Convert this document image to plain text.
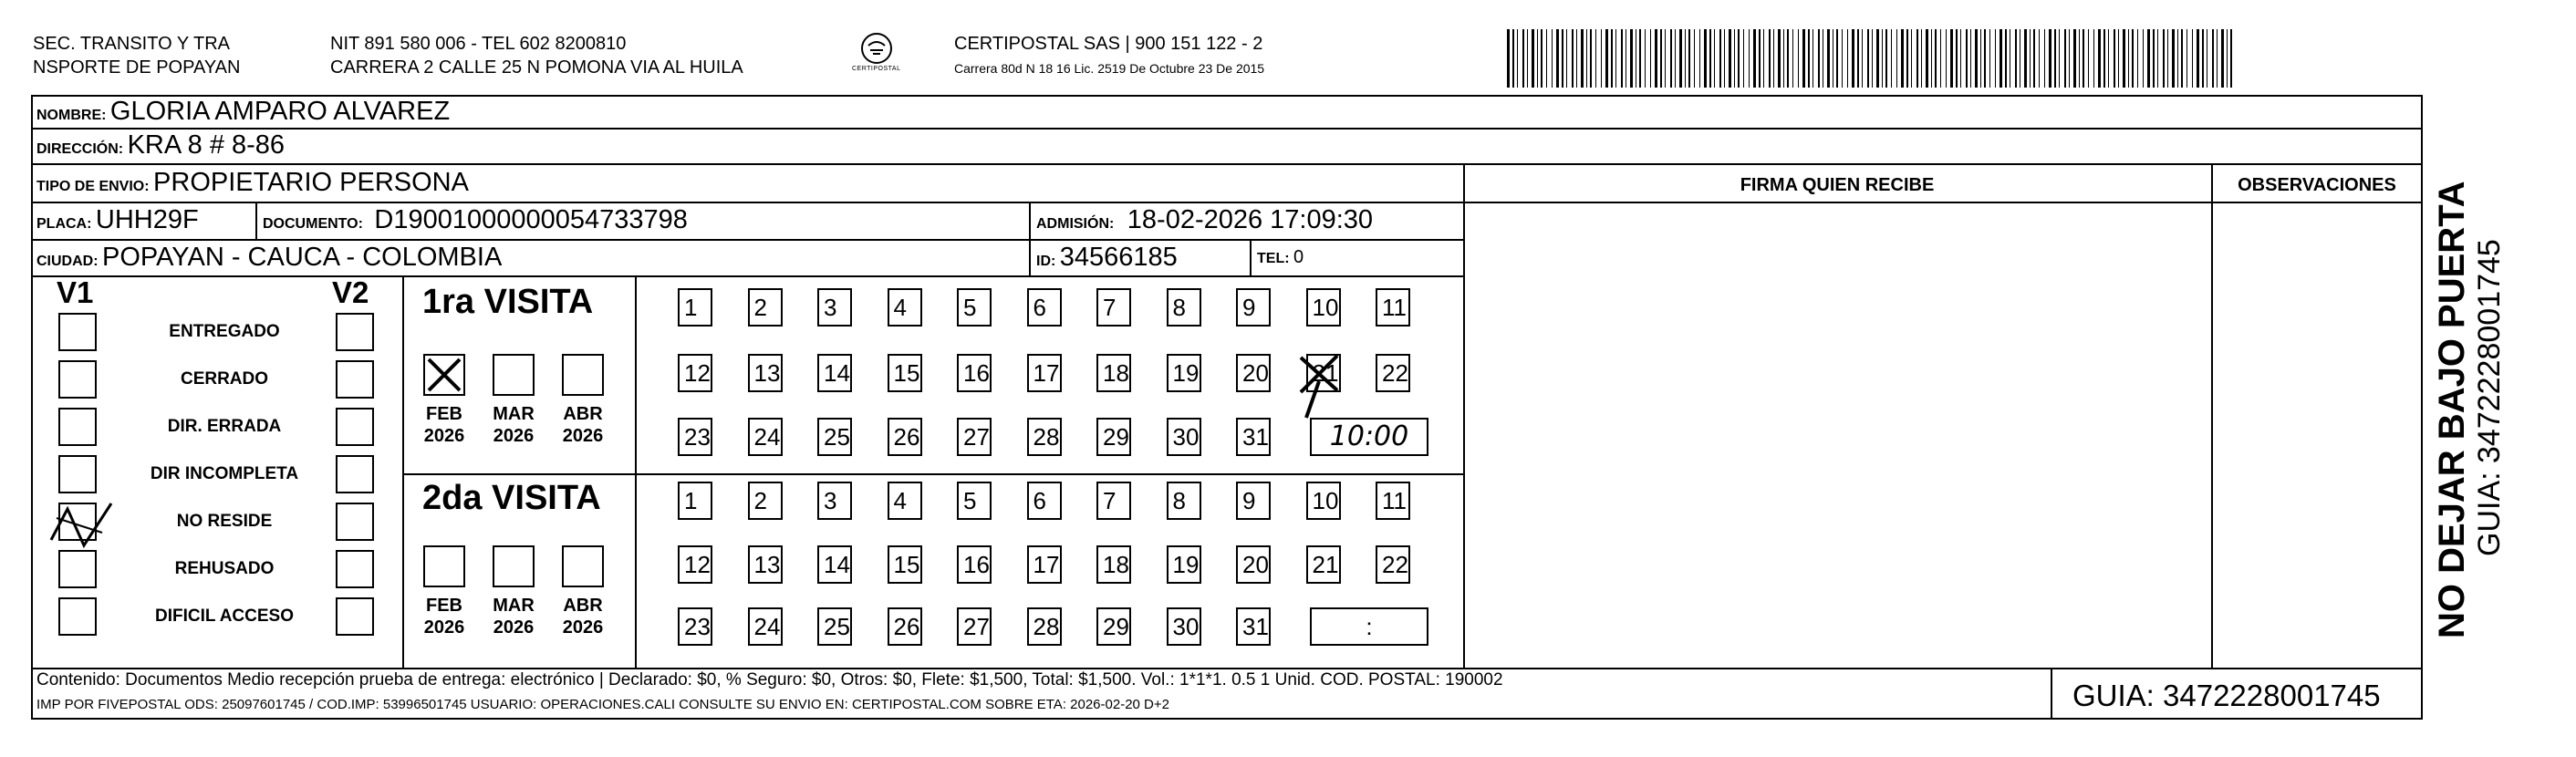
SEC. TRANSITO Y TRA
NSPORTE DE POPAYAN
NIT 891 580 006 - TEL 602 8200810
CARRERA 2 CALLE 25 N POMONA VIA AL HUILA	CERTIPOSTAL
CERTIPOSTAL SAS | 900 151 122 - 2
Carrera 80d N 18 16 Lic. 2519 De Octubre 23 De 2015
NOMBRE: GLORIA AMPARO ALVAREZ
DIRECCIÓN: KRA 8 # 8-86
TIPO DE ENVIO: PROPIETARIO PERSONA	FIRMA QUIEN RECIBE	OBSERVACIONES
PLACA: UHH29F	DOCUMENTO: D19001000000054733798	ADMISIÓN: 18-02-2026 17:09:30
CIUDAD: POPAYAN - CAUCA - COLOMBIA	ID: 34566185	TEL: 0
V1	V2
ENTREGADO
CERRADO
DIR. ERRADA
DIR INCOMPLETA
NO RESIDE
REHUSADO
DIFICIL ACCESO
1ra VISITA
FEB
2026
MAR
2026
ABR
2026
1	2	3	4	5	6	7	8	9	10 11
12 13 14 15 16 17 18 19 20 21 22
23 24 25 26 27 28 29 30 31	10:00
2da VISITA
FEB
2026
MAR
2026
ABR
2026
1	2	3	4	5	6	7	8	9	10 11
12 13 14 15 16 17 18 19 20 21 22
23 24 25 26 27 28 29 30 31	:
Contenido: Documentos Medio recepción prueba de entrega: electrónico | Declarado: $0, % Seguro: $0, Otros: $0, Flete: $1,500, Total: $1,500. Vol.: 1*1*1. 0.5 1 Unid. COD. POSTAL: 190002
IMP POR FIVEPOSTAL ODS: 25097601745 / COD.IMP: 53996501745 USUARIO: OPERACIONES.CALI CONSULTE SU ENVIO EN: CERTIPOSTAL.COM SOBRE ETA: 2026-02-20 D+2	GUIA: 3472228001745
NO DEJAR BAJO PUERTA GUIA: 3472228001745
